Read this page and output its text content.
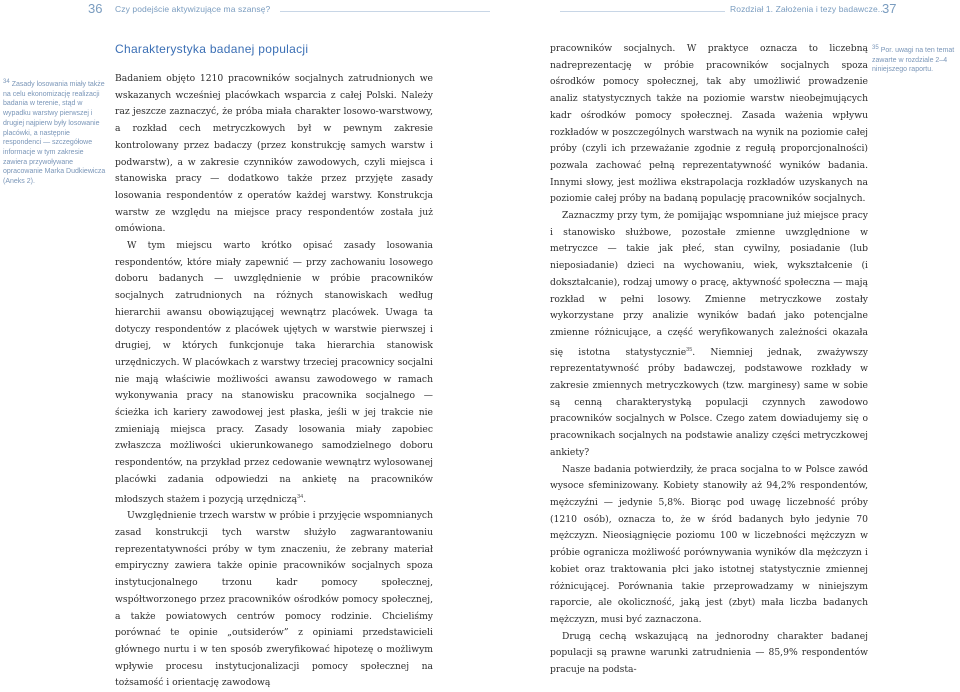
36 Czy podejście aktywizujące ma szansę?	Rozdział 1. Założenia i tezy badawcze...
37
Charakterystyka badanej populacji
34 Zasady losowania miały także na celu ekonomizację realizacji badania w terenie, stąd w wypadku warstwy pierwszej i drugiej najpierw były losowanie placówki, a następnie respondenci — szczegółowe informacje w tym zakresie zawiera przywoływane opracowanie Marka Dudkiewicza (Aneks 2).
35 Por. uwagi na ten temat zawarte w rozdziale 2–4 niniejszego raportu.

Badaniem objęto 1210 pracowników socjalnych zatrudnionych we wskazanych wcześniej placówkach wsparcia z całej Polski. Należy raz jeszcze zaznaczyć, że próba miała charakter losowo-warstwowy, a rozkład cech metryczkowych był w pewnym zakresie kontrolowany przez badaczy (przez konstrukcję samych warstw i podwarstw), a w zakresie czynników zawodowych, czyli miejsca i stanowiska pracy — dodatkowo także przez przyjęte zasady losowania respondentów z operatów każdej warstwy. Konstrukcja warstw ze względu na miejsce pracy respondentów została już omówiona.

W tym miejscu warto krótko opisać zasady losowania respondentów, które miały zapewnić — przy zachowaniu losowego doboru badanych — uwzględnienie w próbie pracowników socjalnych zatrudnionych na różnych stanowiskach według hierarchii awansu obowiązującej wewnątrz placówek. Uwaga ta dotyczy respondentów z placówek ujętych w warstwie pierwszej i drugiej, w których funkcjonuje taka hierarchia stanowisk urzędniczych. W placówkach z warstwy trzeciej pracownicy socjalni nie mają właściwie możliwości awansu zawodowego w ramach wykonywania pracy na stanowisku pracownika socjalnego — ścieżka ich kariery zawodowej jest płaska, jeśli w jej trakcie nie zmieniają miejsca pracy. Zasady losowania miały zapobiec zwłaszcza możliwości ukierunkowanego samodzielnego doboru respondentów, na przykład przez cedowanie wewnątrz wylosowanej placówki zadania odpowiedzi na ankietę na pracowników młodszych stażem i pozycją urzędniczą$^{34}$.

Uwzględnienie trzech warstw w próbie i przyjęcie wspomnianych zasad konstrukcji tych warstw służyło zagwarantowaniu reprezentatywności próby w tym znaczeniu, że zebrany materiał empiryczny zawiera także opinie pracowników socjalnych spoza instytucjonalnego trzonu kadr pomocy społecznej, współtworzonego przez pracowników ośrodków pomocy społecznej, a także powiatowych centrów pomocy rodzinie. Chcieliśmy porównać te opinie „outsiderów” z opiniami przedstawicieli głównego nurtu i w ten sposób zweryfikować hipotezę o możliwym wpływie procesu instytucjonalizacji pomocy społecznej na tożsamość i orientację zawodową

pracowników socjalnych. W praktyce oznacza to liczebną nadreprezentację w próbie pracowników socjalnych spoza ośrodków pomocy społecznej, tak aby umożliwić prowadzenie analiz statystycznych także na poziomie warstw nieobejmujących kadr ośrodków pomocy społecznej. Zasada ważenia wpływu rozkładów w poszczególnych warstwach na wynik na poziomie całej próby (czyli ich przeważanie zgodnie z regułą proporcjonalności) pozwala zachować pełną reprezentatywność wyników badania. Innymi słowy, jest możliwa ekstrapolacja rozkładów uzyskanych na poziomie całej próby na badaną populację pracowników socjalnych.

Zaznaczmy przy tym, że pomijając wspomniane już miejsce pracy i stanowisko służbowe, pozostałe zmienne uwzględnione w metryczce — takie jak płeć, stan cywilny, posiadanie (lub nieposiadanie) dzieci na wychowaniu, wiek, wykształcenie (i dokształcanie), rodzaj umowy o pracę, aktywność społeczna — mają rozkład w pełni losowy. Zmienne metryczkowe zostały wykorzystane przy analizie wyników badań jako potencjalne zmienne różnicujące, a część weryfikowanych zależności okazała się istotna statystycznie$^{35}$. Niemniej jednak, zważywszy reprezentatywność próby badawczej, podstawowe rozkłady w zakresie zmiennych metryczkowych (tzw. marginesy) same w sobie są cenną charakterystyką populacji czynnych zawodowo pracowników socjalnych w Polsce. Czego zatem dowiadujemy się o pracownikach socjalnych na podstawie analizy części metryczkowej ankiety?

Nasze badania potwierdziły, że praca socjalna to w Polsce zawód wysoce sfeminizowany. Kobiety stanowiły aż 94,2% respondentów, mężczyźni — jedynie 5,8%. Biorąc pod uwagę liczebność próby (1210 osób), oznacza to, że w śród badanych było jedynie 70 mężczyzn. Nieosiągnięcie poziomu 100 w liczebności mężczyzn w próbie ogranicza możliwość porównywania wyników dla mężczyzn i kobiet oraz traktowania płci jako istotnej statystycznie zmiennej różnicującej. Porównania takie przeprowadzamy w niniejszym raporcie, ale okoliczność, jaką jest (zbyt) mała liczba badanych mężczyzn, musi być zaznaczona.

Drugą cechą wskazującą na jednorodny charakter badanej populacji są prawne warunki zatrudnienia — 85,9% respondentów pracuje na podsta-
